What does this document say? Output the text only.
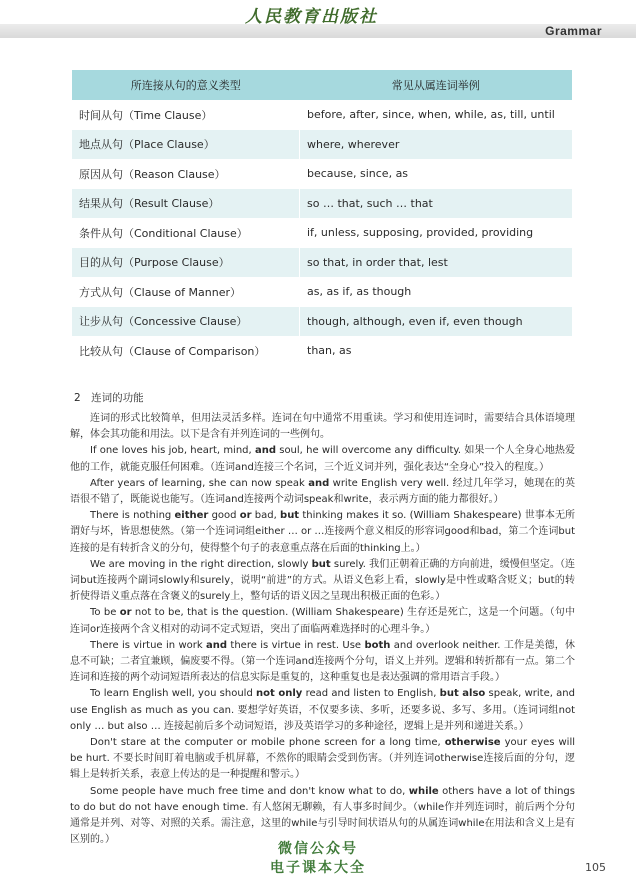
人民教育出版社
Grammar
所连接从句的意义类型	常见从属连词举例
时间从句（Time Clause）	before, after, since, when, while, as, till, until
地点从句（Place Clause）	where, wherever
原因从句（Reason Clause）	because, since, as
结果从句（Result Clause）	so … that, such … that
条件从句（Conditional Clause）	if, unless, supposing, provided, providing
目的从句（Purpose Clause）	so that, in order that, lest
方式从句（Clause of Manner）	as, as if, as though
让步从句（Concessive Clause）	though, although, even if, even though
比较从句（Clause of Comparison）	than, as
2　连词的功能

连词的形式比较简单，但用法灵活多样。连词在句中通常不用重读。学习和使用连词时，需要结合具体语境理解，体会其功能和用法。以下是含有并列连词的一些例句。

If one loves his job, heart, mind, and soul, he will overcome any difficulty. 如果一个人全身心地热爱他的工作，就能克服任何困难。（连词and连接三个名词，三个近义词并列，强化表达“全身心”投入的程度。）

After years of learning, she can now speak and write English very well. 经过几年学习，她现在的英语很不错了，既能说也能写。（连词and连接两个动词speak和write，表示两方面的能力都很好。）

There is nothing either good or bad, but thinking makes it so. (William Shakespeare) 世事本无所谓好与坏，皆思想使然。（第一个连词词组either … or …连接两个意义相反的形容词good和bad，第二个连词but连接的是有转折含义的分句，使得整个句子的表意重点落在后面的thinking上。）

We are moving in the right direction, slowly but surely. 我们正朝着正确的方向前进，缓慢但坚定。（连词but连接两个副词slowly和surely，说明“前进”的方式。从语义色彩上看，slowly是中性或略含贬义；but的转折使得语义重点落在含褒义的surely上，整句话的语义因之呈现出积极正面的色彩。）

To be or not to be, that is the question. (William Shakespeare) 生存还是死亡，这是一个问题。（句中连词or连接两个含义相对的动词不定式短语，突出了面临两难选择时的心理斗争。）

There is virtue in work and there is virtue in rest. Use both and overlook neither. 工作是美德，休息不可缺；二者宜兼顾，偏废要不得。（第一个连词and连接两个分句，语义上并列。逻辑和转折都有一点。第二个连词和连接的两个动词短语所表达的信息实际是重复的，这种重复也是表达强调的常用语言手段。）

To learn English well, you should not only read and listen to English, but also speak, write, and use English as much as you can. 要想学好英语，不仅要多读、多听，还要多说、多写、多用。（连词词组not only … but also … 连接起前后多个动词短语，涉及英语学习的多种途径，逻辑上是并列和递进关系。）

Don't stare at the computer or mobile phone screen for a long time, otherwise your eyes will be hurt. 不要长时间盯着电脑或手机屏幕，不然你的眼睛会受到伤害。（并列连词otherwise连接后面的分句，逻辑上是转折关系，表意上传达的是一种提醒和警示。）

Some people have much free time and don't know what to do, while others have a lot of things to do but do not have enough time. 有人悠闲无聊赖，有人事多时间少。（while作并列连词时，前后两个分句通常是并列、对等、对照的关系。需注意，这里的while与引导时间状语从句的从属连词while在用法和含义上是有区别的。）

微信公众号
电子课本大全	105
